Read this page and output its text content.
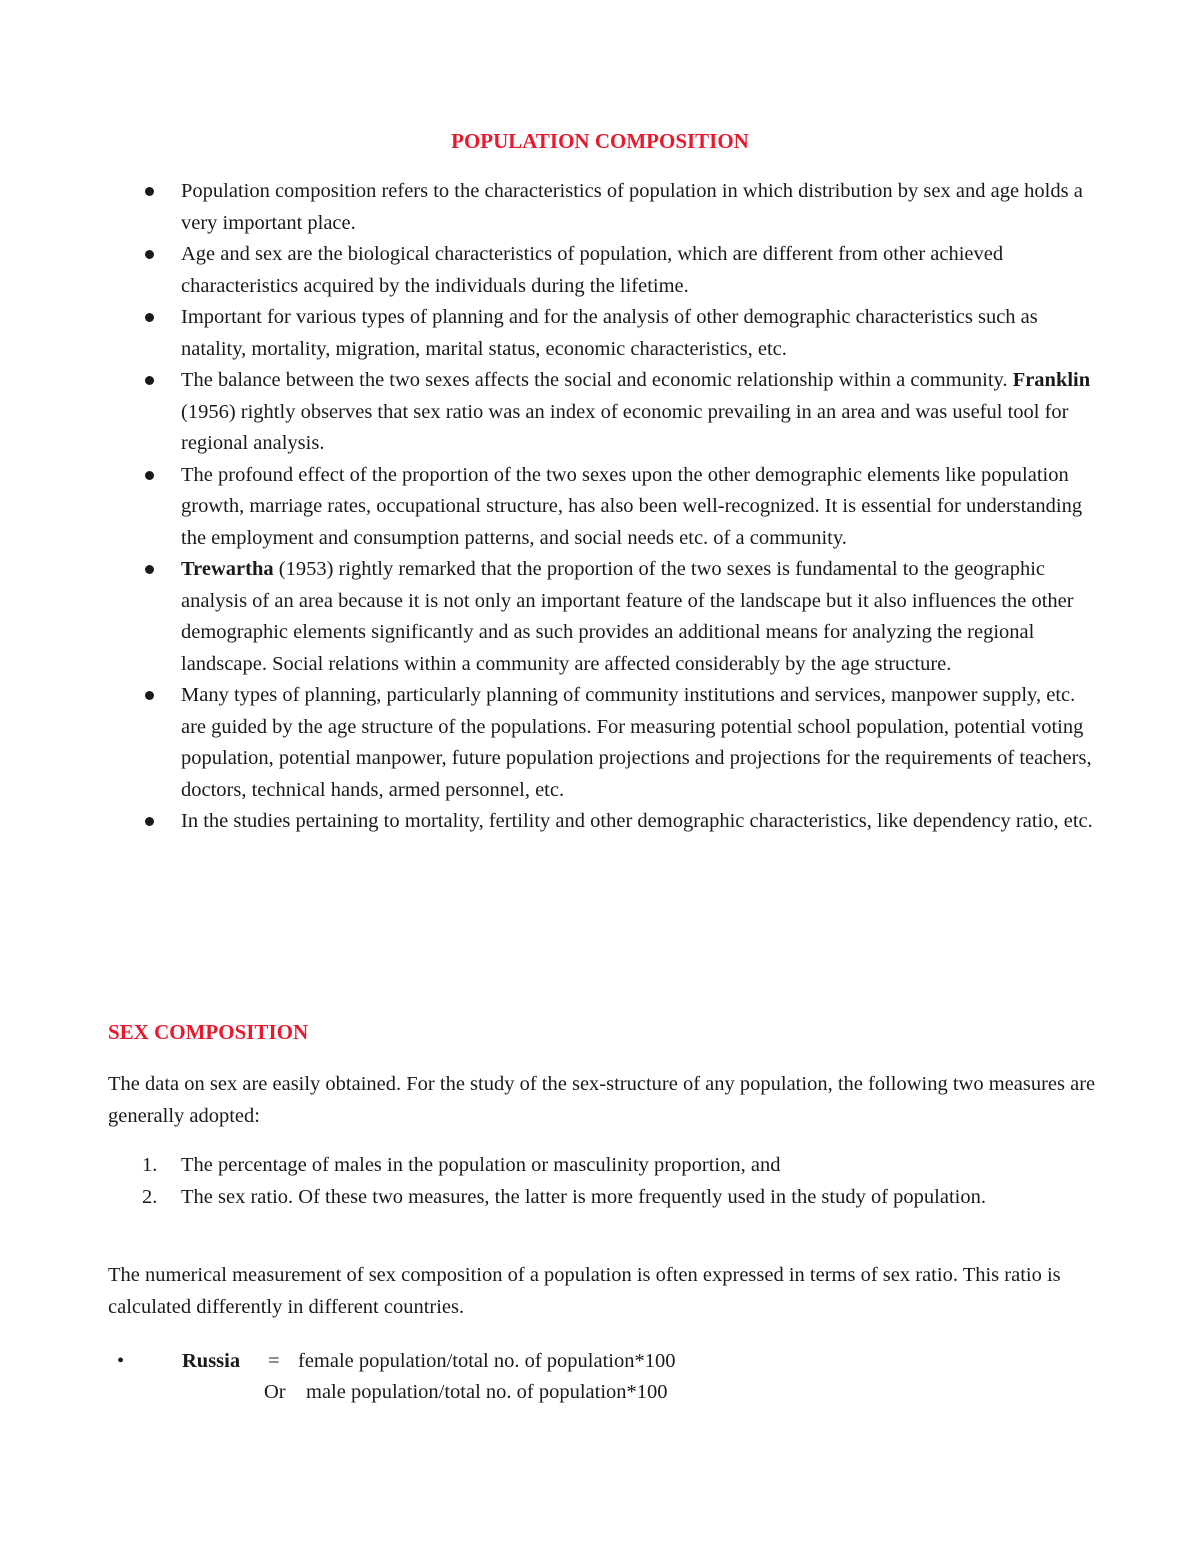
POPULATION COMPOSITION
Population composition refers to the characteristics of population in which distribution by sex and age holds a very important place.
Age and sex are the biological characteristics of population, which are different from other achieved characteristics acquired by the individuals during the lifetime.
Important for various types of planning and for the analysis of other demographic characteristics such as natality, mortality, migration, marital status, economic characteristics, etc.
The balance between the two sexes affects the social and economic relationship within a community. Franklin (1956) rightly observes that sex ratio was an index of economic prevailing in an area and was useful tool for regional analysis.
The profound effect of the proportion of the two sexes upon the other demographic elements like population growth, marriage rates, occupational structure, has also been well-recognized. It is essential for understanding the employment and consumption patterns, and social needs etc. of a community.
Trewartha (1953) rightly remarked that the proportion of the two sexes is fundamental to the geographic analysis of an area because it is not only an important feature of the landscape but it also influences the other demographic elements significantly and as such provides an additional means for analyzing the regional landscape. Social relations within a community are affected considerably by the age structure.
Many types of planning, particularly planning of community institutions and services, manpower supply, etc. are guided by the age structure of the populations. For measuring potential school population, potential voting population, potential manpower, future population projections and projections for the requirements of teachers, doctors, technical hands, armed personnel, etc.
In the studies pertaining to mortality, fertility and other demographic characteristics, like dependency ratio, etc.
SEX COMPOSITION

The data on sex are easily obtained. For the study of the sex-structure of any population, the following two measures are generally adopted:

1. The percentage of males in the population or masculinity proportion, and
2. The sex ratio. Of these two measures, the latter is more frequently used in the study of population.

The numerical measurement of sex composition of a population is often expressed in terms of sex ratio. This ratio is calculated differently in different countries.

•	Russia = female population/total no. of population*100
Or male population/total no. of population*100
